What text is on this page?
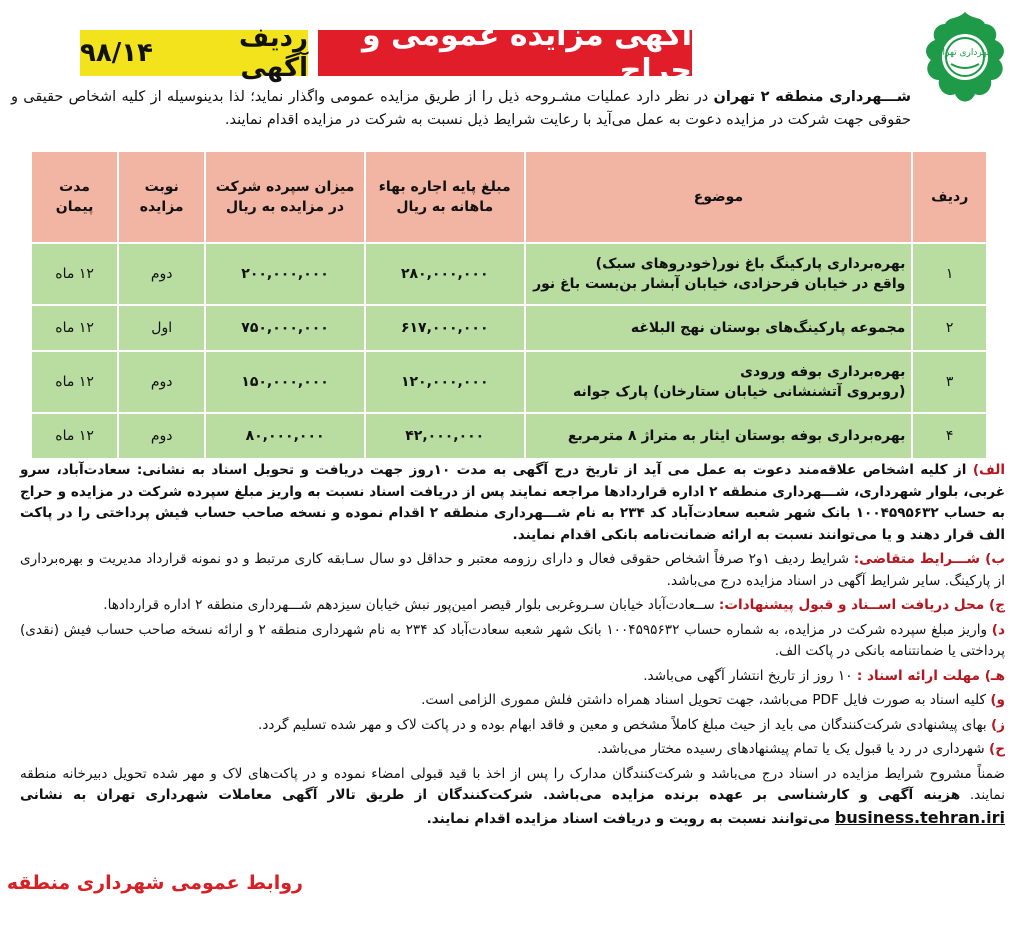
شهرداری تهران
آگهی مزایده عمومی و حراج
ردیف آگهی
۹۸/۱۴
شـــهرداری منطقه ۲ تهران در نظر دارد عملیات مشـروحه ذیل را از طریق مزایده عمومی واگذار نماید؛ لذا بدینوسیله از کلیه اشخاص حقیقی و حقوقی جهت شرکت در مزایده دعوت به عمل می‌آید با رعایت شرایط ذیل نسبت به شرکت در مزایده اقدام نمایند.
ردیف	موضوع	مبلغ پایه اجاره بهاء ماهانه به ریال	میزان سپرده شرکت در مزایده به ریال	نوبت مزایده	مدت پیمان
۱	بهره‌برداری پارکینگ باغ نور(خودروهای سبک)
واقع در خیابان فرحزادی، خیابان آبشار بن‌بست باغ نور	۲۸۰,۰۰۰,۰۰۰	۲۰۰,۰۰۰,۰۰۰	دوم	۱۲ ماه
۲	مجموعه پارکینگ‌های بوستان نهج البلاغه	۶۱۷,۰۰۰,۰۰۰	۷۵۰,۰۰۰,۰۰۰	اول	۱۲ ماه
۳	بهره‌برداری بوفه ورودی
(روبروی آتشنشانی خیابان ستارخان) پارک جوانه	۱۲۰,۰۰۰,۰۰۰	۱۵۰,۰۰۰,۰۰۰	دوم	۱۲ ماه
۴	بهره‌برداری بوفه بوستان ایثار به متراژ ۸ مترمربع	۴۲,۰۰۰,۰۰۰	۸۰,۰۰۰,۰۰۰	دوم	۱۲ ماه

الف) از کلیه اشخاص علاقه‌مند دعوت به عمل می آید از تاریخ درج آگهی به مدت ۱۰روز جهت دریافت و تحویل اسناد به نشانی: سعادت‌آباد، سرو غربی، بلوار شهرداری، شـــهرداری منطقه ۲ اداره قراردادها مراجعه نمایند پس از دریافت اسناد نسبت به واریز مبلغ سپرده شرکت در مزایده و حراج به حساب ۱۰۰۴۵۹۵۶۳۲ بانک شهر شعبه سعادت‌آباد کد ۲۳۴ به نام شـــهرداری منطقه ۲ اقدام نموده و نسخه صاحب حساب فیش پرداختی را در پاکت الف قرار دهند و یا می‌توانند نسبت به ارائه ضمانت‌نامه بانکی اقدام نمایند.

ب) شـــرایط متقاضی: شرایط ردیف ۱و۲ صرفاً اشخاص حقوقی فعال و دارای رزومه معتبر و حداقل دو سال سـابقه کاری مرتبط و دو نمونه قرارداد مدیریت و بهره‌برداری از پارکینگ. سایر شرایط آگهی در اسناد مزایده درج می‌باشد.

ج) محل دریافت اســناد و قبول پیشنهادات: ســعادت‌آباد خیابان سـروغربی بلوار قیصر امین‌پور نبش خیابان سیزدهم شـــهرداری منطقه ۲ اداره قراردادها.

د) واریز مبلغ سپرده شرکت در مزایده، به شماره حساب ۱۰۰۴۵۹۵۶۳۲ بانک شهر شعبه سعادت‌آباد کد ۲۳۴ به نام شهرداری منطقه ۲ و ارائه نسخه صاحب حساب فیش (نقدی) پرداختی یا ضمانتنامه بانکی در پاکت الف.

هـ) مهلت ارائه اسناد : ۱۰ روز از تاریخ انتشار آگهی می‌باشد.

و) کلیه اسناد به صورت فایل PDF می‌باشد، جهت تحویل اسناد همراه داشتن فلش مموری الزامی است.

ز) بهای پیشنهادی شرکت‌کنندگان می باید از حیث مبلغ کاملاً مشخص و معین و فاقد ابهام بوده و در پاکت لاک و مهر شده تسلیم گردد.

ح) شهرداری در رد یا قبول یک یا تمام پیشنهادهای رسیده مختار می‌باشد.

ضمناً مشروح شرایط مزایده در اسناد درج می‌باشد و شرکت‌کنندگان مدارک را پس از اخذ با قید قبولی امضاء نموده و در پاکت‌های لاک و مهر شده تحویل دبیرخانه منطقه نمایند. هزینه آگهی و کارشناسی بر عهده برنده مزایده می‌باشد. شرکت‌کنندگان از طریق تالار آگهی معاملات شهرداری تهران به نشانی business.tehran.iri می‌توانند نسبت به رویت و دریافت اسناد مزایده اقدام نمایند.

روابط عمومی شهرداری منطقه
